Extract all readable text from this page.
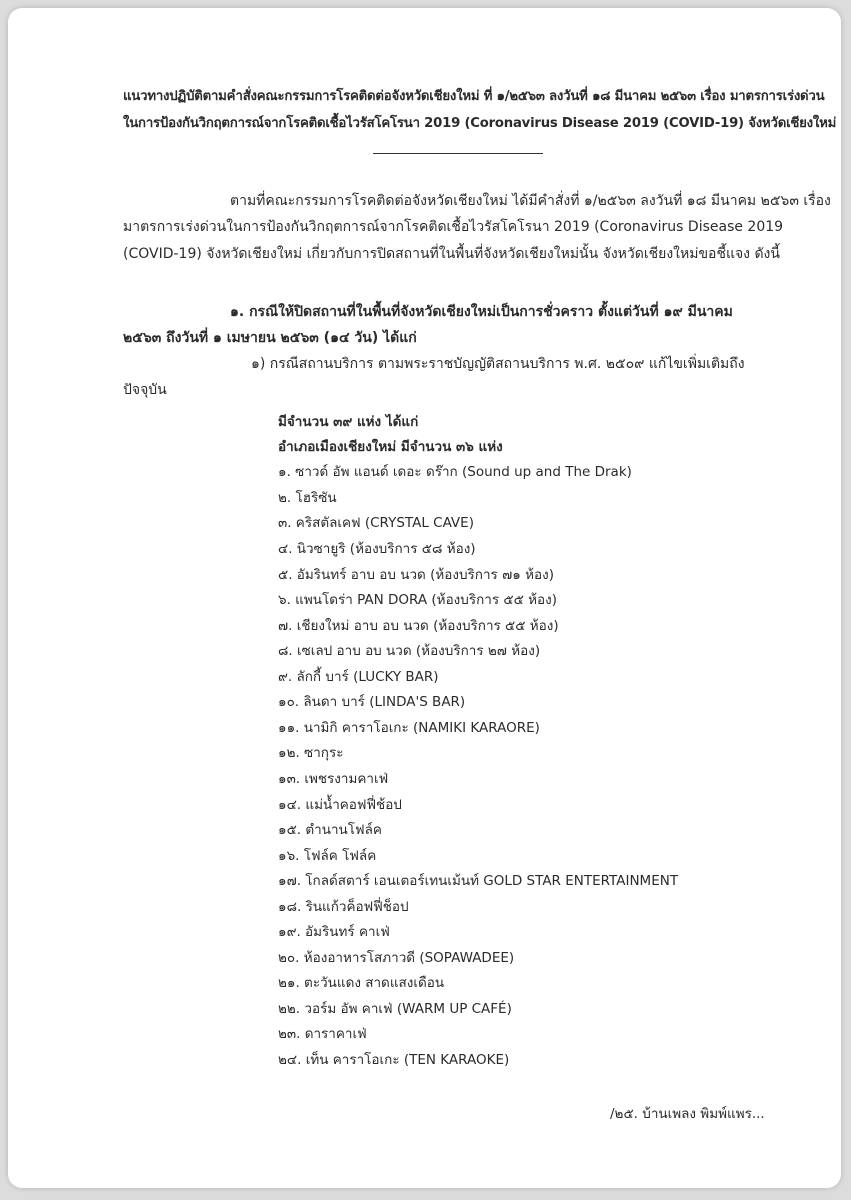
แนวทางปฏิบัติตามคำสั่งคณะกรรมการโรคติดต่อจังหวัดเชียงใหม่ ที่ ๑/๒๕๖๓ ลงวันที่ ๑๘ มีนาคม ๒๕๖๓ เรื่อง มาตรการเร่งด่วน
ในการป้องกันวิกฤตการณ์จากโรคติดเชื้อไวรัสโคโรนา 2019 (Coronavirus Disease 2019 (COVID-19) จังหวัดเชียงใหม่
ตามที่คณะกรรมการโรคติดต่อจังหวัดเชียงใหม่ ได้มีคำสั่งที่ ๑/๒๕๖๓ ลงวันที่ ๑๘ มีนาคม ๒๕๖๓ เรื่อง
มาตรการเร่งด่วนในการป้องกันวิกฤตการณ์จากโรคติดเชื้อไวรัสโคโรนา 2019 (Coronavirus Disease 2019
(COVID-19) จังหวัดเชียงใหม่ เกี่ยวกับการปิดสถานที่ในพื้นที่จังหวัดเชียงใหม่นั้น จังหวัดเชียงใหม่ขอชี้แจง ดังนี้
๑. กรณีให้ปิดสถานที่ในพื้นที่จังหวัดเชียงใหม่เป็นการชั่วคราว ตั้งแต่วันที่ ๑๙ มีนาคม
๒๕๖๓ ถึงวันที่ ๑ เมษายน ๒๕๖๓ (๑๔ วัน) ได้แก่
๑) กรณีสถานบริการ ตามพระราชบัญญัติสถานบริการ พ.ศ. ๒๕๐๙ แก้ไขเพิ่มเติมถึง
ปัจจุบัน
มีจำนวน ๓๙ แห่ง ได้แก่
อำเภอเมืองเชียงใหม่ มีจำนวน ๓๖ แห่ง
๑. ซาวด์ อัพ แอนด์ เดอะ ดร๊าก (Sound up and The Drak)
๒. โฮริซัน
๓. คริสตัลเคฟ (CRYSTAL CAVE)
๔. นิวซายูริ (ห้องบริการ ๕๘ ห้อง)
๕. อัมรินทร์ อาบ อบ นวด (ห้องบริการ ๗๑ ห้อง)
๖. แพนโดร่า PAN DORA (ห้องบริการ ๕๕ ห้อง)
๗. เชียงใหม่ อาบ อบ นวด (ห้องบริการ ๕๕ ห้อง)
๘. เซเลป อาบ อบ นวด (ห้องบริการ ๒๗ ห้อง)
๙. ลักกี้ บาร์ (LUCKY BAR)
๑๐. ลินดา บาร์ (LINDA'S BAR)
๑๑. นามิกิ คาราโอเกะ (NAMIKI KARAORE)
๑๒. ซากุระ
๑๓. เพชรงามคาเฟ่
๑๔. แม่น้ำคอฟฟี่ช้อป
๑๕. ตำนานโฟล์ค
๑๖. โฟล์ค โฟล์ค
๑๗. โกลด์สตาร์ เอนเตอร์เทนเม้นท์ GOLD STAR ENTERTAINMENT
๑๘. รินแก้วค็อฟฟี่ช็อป
๑๙. อัมรินทร์ คาเฟ่
๒๐. ห้องอาหารโสภาวดี (SOPAWADEE)
๒๑. ตะวันแดง สาดแสงเดือน
๒๒. วอร์ม อัพ คาเฟ่ (WARM UP CAFÉ)
๒๓. ดาราคาเฟ่
๒๔. เท็น คาราโอเกะ (TEN KARAOKE)
/๒๕. บ้านเพลง พิมพ์แพร...
